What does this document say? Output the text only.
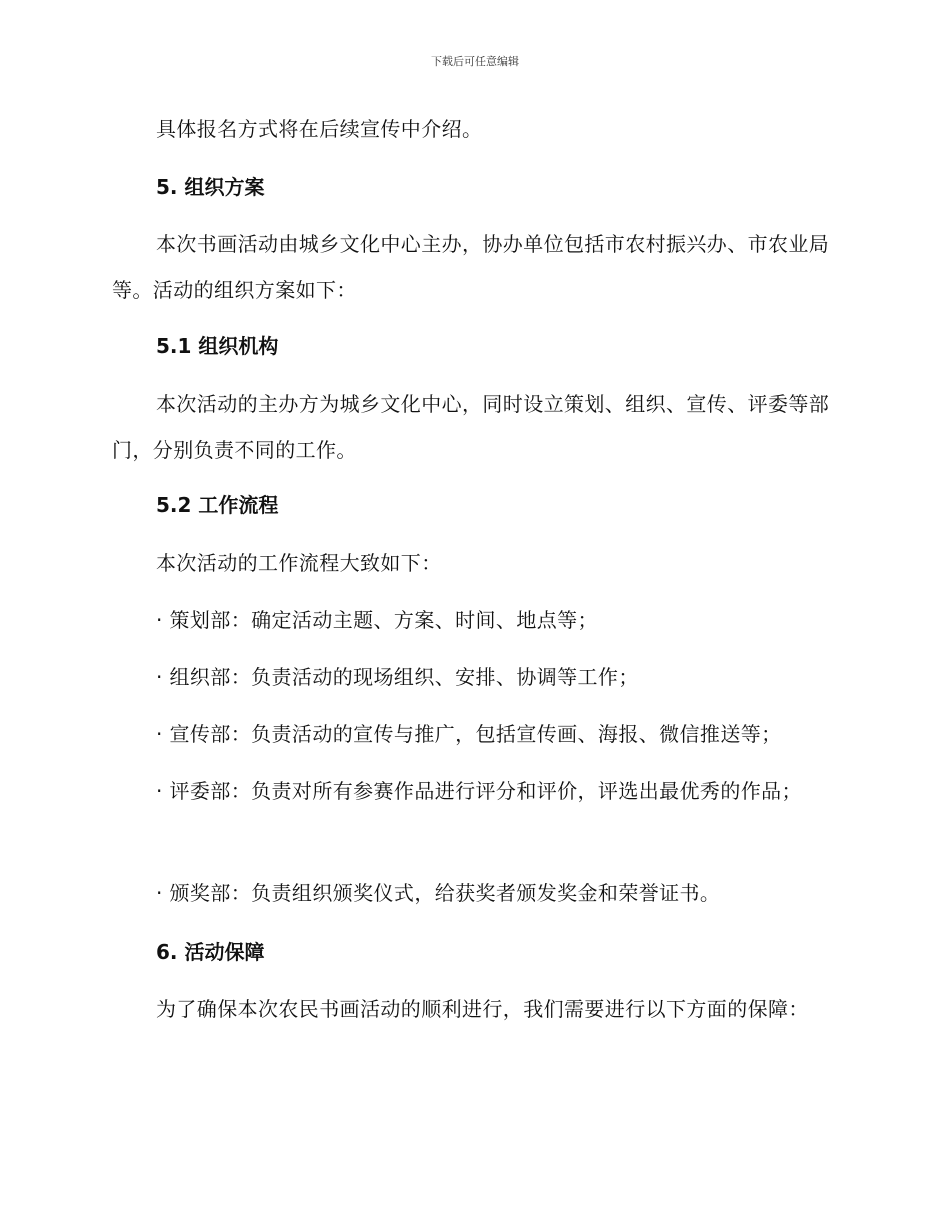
下载后可任意编辑

具体报名方式将在后续宣传中介绍。

5. 组织方案

本次书画活动由城乡文化中心主办，协办单位包括市农村振兴办、市农业局等。活动的组织方案如下：

5.1 组织机构

本次活动的主办方为城乡文化中心，同时设立策划、组织、宣传、评委等部门，分别负责不同的工作。

5.2 工作流程

本次活动的工作流程大致如下：

· 策划部：确定活动主题、方案、时间、地点等；

· 组织部：负责活动的现场组织、安排、协调等工作；

· 宣传部：负责活动的宣传与推广，包括宣传画、海报、微信推送等；

· 评委部：负责对所有参赛作品进行评分和评价，评选出最优秀的作品；

· 颁奖部：负责组织颁奖仪式，给获奖者颁发奖金和荣誉证书。

6. 活动保障

为了确保本次农民书画活动的顺利进行，我们需要进行以下方面的保障：
